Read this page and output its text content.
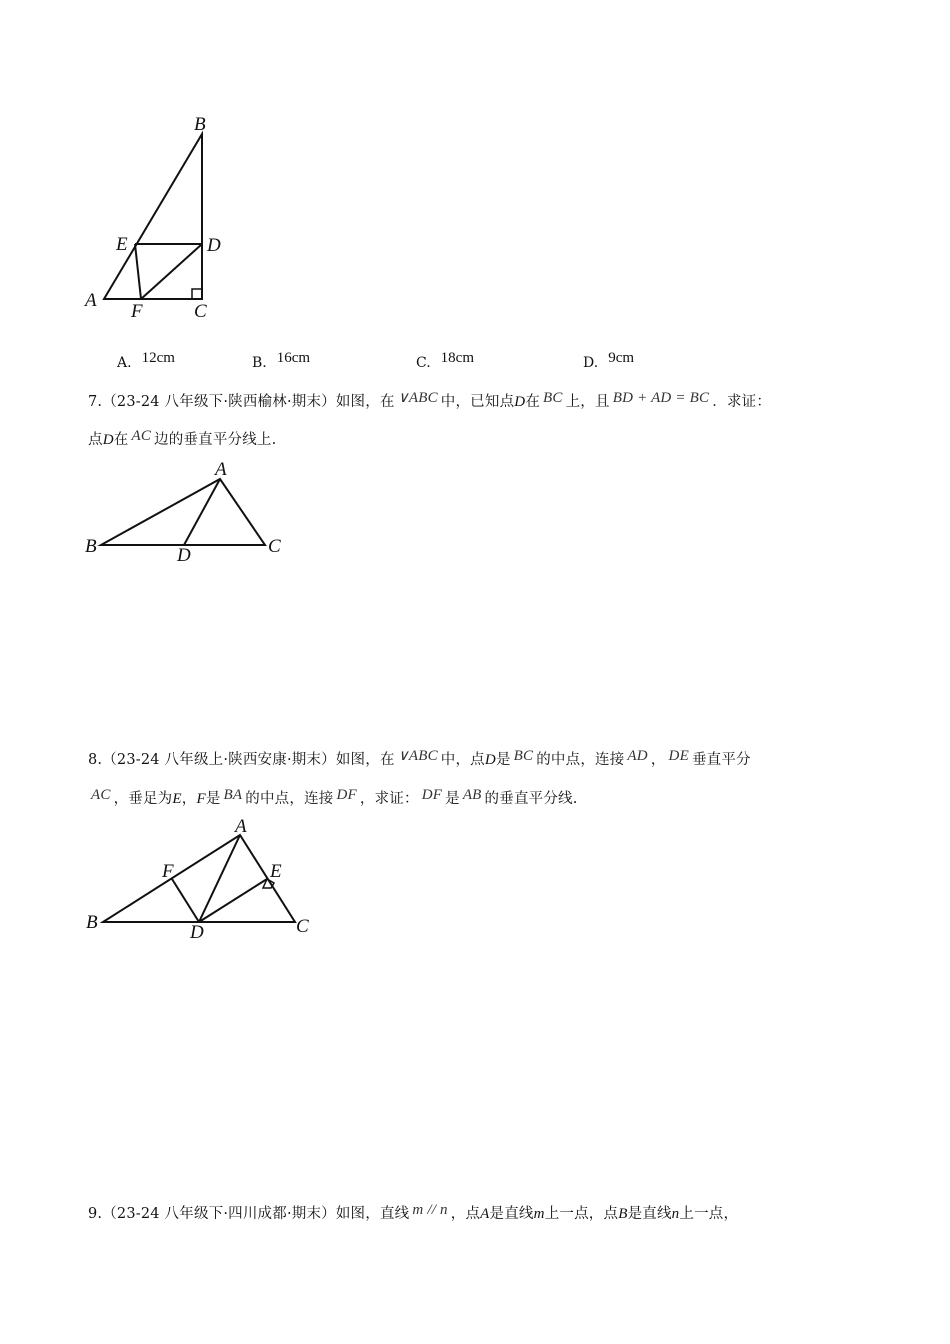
B
E	D
A
F	C
A. 12cm	B. 16cm	C. 18cm	D. 9cm
7.（23-24 八年级下·陕西榆林·期末）如图，在 ∨ABC 中，已知点D在 BC 上，且 BD + AD = BC ．求证：
点D在 AC 边的垂直平分线上.
A
B	D	C
8.（23-24 八年级上·陕西安康·期末）如图，在 ∨ABC 中，点D是 BC 的中点，连接 AD ， DE 垂直平分
AC ，垂足为E，F是 BA 的中点，连接 DF ，求证： DF 是 AB 的垂直平分线.
A
F	E
B	D	C
9.（23-24 八年级下·四川成都·期末）如图，直线 m // n ，点A是直线m上一点，点B是直线n上一点，
